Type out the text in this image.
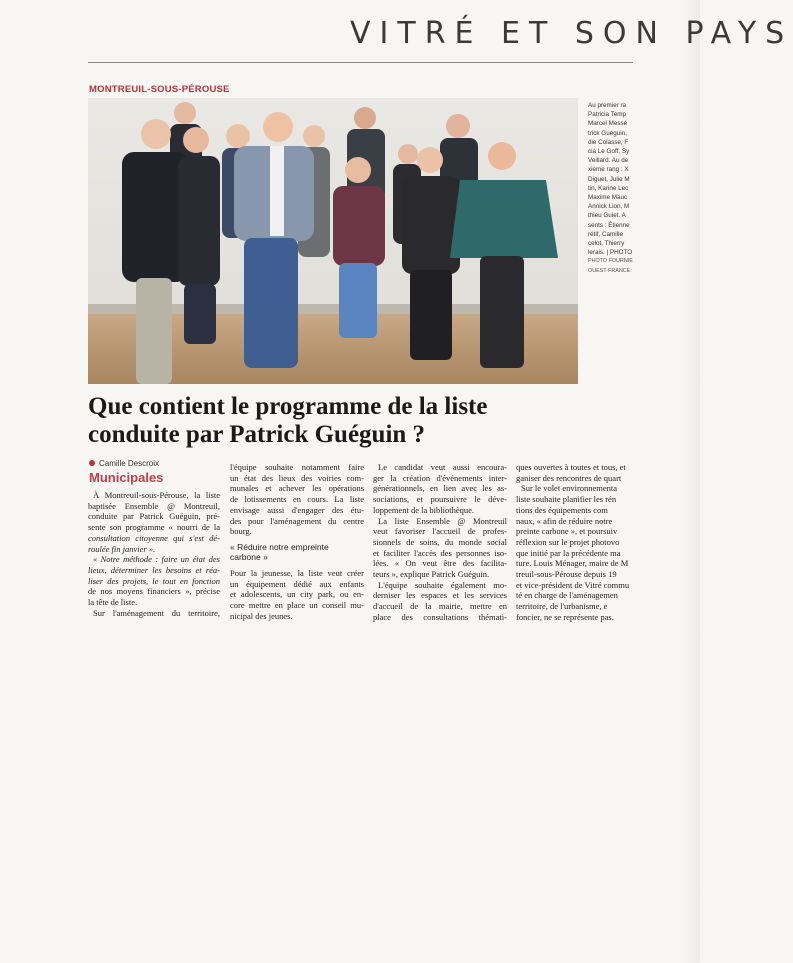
VITRÉ ET SON PAYS
MONTREUIL-SOUS-PÉROUSE
Au premier ra
Patricia Temp
Marcel Messé
trick Guéguin,
die Colasse, F
cia Le Goff, Sy
Veillard. Au de
xième rang : X
Diguet, Julie M
tin, Karine Lec
Maxime Mauc
Annick Lion, M
thieu Guiet. A
sents : Étienne
rétif, Camille
celot, Thierry
lerais. | PHOTO
PHOTO FOURNIE
OUEST-FRANCE
Que contient le programme de la liste
conduite par Patrick Guéguin ?
Camille Descroix
Municipales
À Montreuil-sous-Pérouse, la liste
baptisée Ensemble @ Montreuil,
conduite par Patrick Guéguin, pré-
sente son programme « nourri de la
consultation citoyenne qui s'est dé-
roulée fin janvier ».
« Notre méthode : faire un état des
lieux, déterminer les besoins et réa-
liser des projets, le tout en fonction
de nos moyens financiers », précise
la tête de liste.
Sur l'aménagement du territoire,
l'équipe souhaite notamment faire
un état des lieux des voiries com-
munales et achever les opérations
de lotissements en cours. La liste
envisage aussi d'engager des étu-
des pour l'aménagement du centre
bourg.
« Réduire notre empreinte
carbone »
Pour la jeunesse, la liste veut créer
un équipement dédié aux enfants
et adolescents, un city park, ou en-
core mettre en place un conseil mu-
nicipal des jeunes.
Le candidat veut aussi encoura-
ger la création d'événements inter-
générationnels, en lien avec les as-
sociations, et poursuivre le déve-
loppement de la bibliothèque.
La liste Ensemble @ Montreuil
veut favoriser l'accueil de profes-
sionnels de soins, du monde social
et faciliter l'accès des personnes iso-
lées. « On veut être des facilita-
teurs », explique Patrick Guéguin.
L'équipe souhaite également mo-
derniser les espaces et les services
d'accueil de la mairie, mettre en
place des consultations thémati-
ques ouvertes à toutes et tous, et
ganiser des rencontres de quart
Sur le volet environnementa
liste souhaite planifier les rén
tions des équipements com
naux, « afin de réduire notre
preinte carbone », et poursuiv
réflexion sur le projet photovo
que initié par la précédente ma
ture. Louis Ménager, maire de M
treuil-sous-Pérouse depuis 19
et vice-président de Vitré commu
té en charge de l'aménagemen
territoire, de l'urbanisme, e
foncier, ne se représente pas.
